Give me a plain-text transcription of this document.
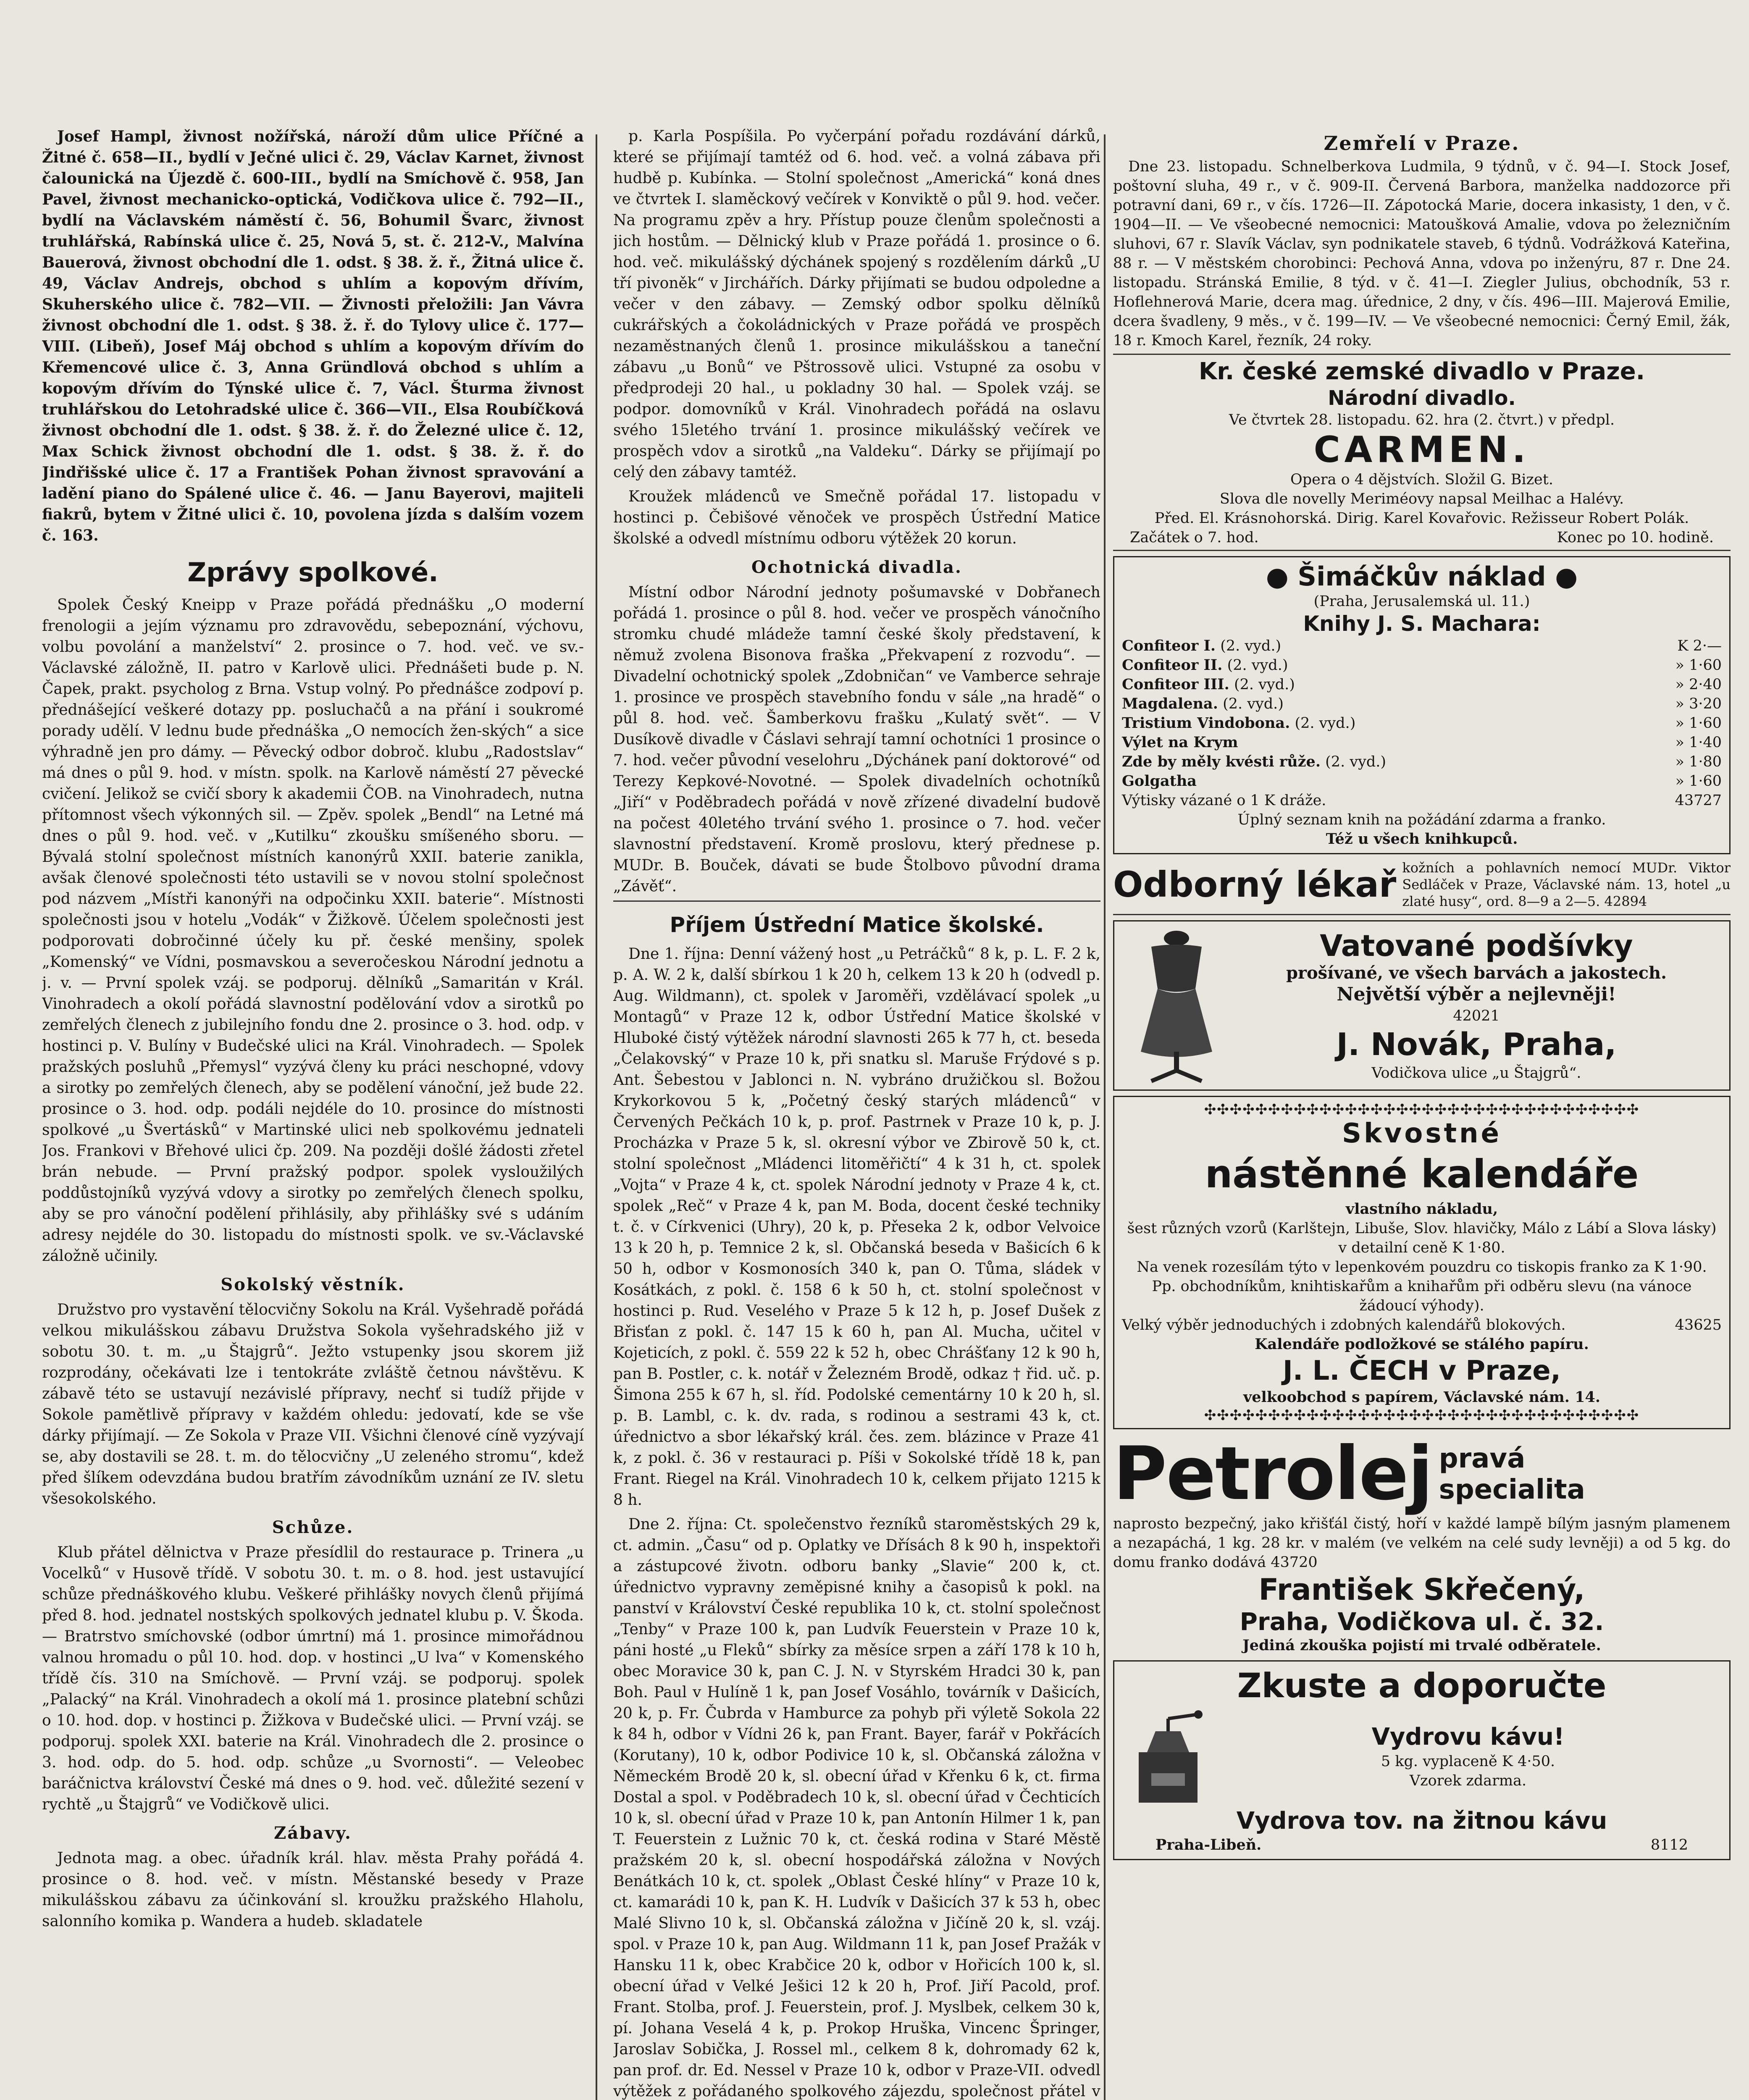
Josef Hampl, živnost nožířská, nároží dům ulice Příčné a Žitné č. 658—II., bydlí v Ječné ulici č. 29, Václav Karnet, živnost čalounická na Újezdě č. 600-III., bydlí na Smíchově č. 958, Jan Pavel, živnost mechanicko-optická, Vodičkova ulice č. 792—II., bydlí na Václavském náměstí č. 56, Bohumil Švarc, živnost truhlářská, Rabínská ulice č. 25, Nová 5, st. č. 212-V., Malvína Bauerová, živnost obchodní dle 1. odst. § 38. ž. ř., Žitná ulice č. 49, Václav Andrejs, obchod s uhlím a kopovým dřívím, Skuherského ulice č. 782—VII. — Živnosti přeložili: Jan Vávra živnost obchodní dle 1. odst. § 38. ž. ř. do Tylovy ulice č. 177—VIII. (Libeň), Josef Máj obchod s uhlím a kopovým dřívím do Křemencové ulice č. 3, Anna Gründlová obchod s uhlím a kopovým dřívím do Týnské ulice č. 7, Václ. Šturma živnost truhlářskou do Letohradské ulice č. 366—VII., Elsa Roubíčková živnost obchodní dle 1. odst. § 38. ž. ř. do Železné ulice č. 12, Max Schick živnost obchodní dle 1. odst. § 38. ž. ř. do Jindřišské ulice č. 17 a František Pohan živnost spravování a ladění piano do Spálené ulice č. 46. — Janu Bayerovi, majiteli fiakrů, bytem v Žitné ulici č. 10, povolena jízda s dalším vozem č. 163.

Zprávy spolkové.

Spolek Český Kneipp v Praze pořádá přednášku „O moderní frenologii a jejím významu pro zdravovědu, sebepoznání, výchovu, volbu povolání a manželství“ 2. prosince o 7. hod. več. ve sv.-Václavské záložně, II. patro v Karlově ulici. Přednášeti bude p. N. Čapek, prakt. psycholog z Brna. Vstup volný. Po přednášce zodpoví p. přednášející veškeré dotazy pp. posluchačů a na přání i soukromé porady udělí. V lednu bude přednáška „O nemocích žen-ských“ a sice výhradně jen pro dámy. — Pěvecký odbor dobroč. klubu „Radostslav“ má dnes o půl 9. hod. v místn. spolk. na Karlově náměstí 27 pěvecké cvičení. Jelikož se cvičí sbory k akademii ČOB. na Vinohradech, nutna přítomnost všech výkonných sil. — Zpěv. spolek „Bendl“ na Letné má dnes o půl 9. hod. več. v „Kutilku“ zkoušku smíšeného sboru. — Bývalá stolní společnost místních kanonýrů XXII. baterie zanikla, avšak členové společnosti této ustavili se v novou stolní společnost pod názvem „Místři kanonýři na odpočinku XXII. baterie“. Místnosti společnosti jsou v hotelu „Vodák“ v Žižkově. Účelem společnosti jest podporovati dobročinné účely ku př. české menšiny, spolek „Komenský“ ve Vídni, posmavskou a severočeskou Národní jednotu a j. v. — První spolek vzáj. se podporuj. dělníků „Samaritán v Král. Vinohradech a okolí pořádá slavnostní podělování vdov a sirotků po zemřelých členech z jubilejního fondu dne 2. prosince o 3. hod. odp. v hostinci p. V. Bulíny v Budečské ulici na Král. Vinohradech. — Spolek pražských posluhů „Přemysl“ vyzývá členy ku práci neschopné, vdovy a sirotky po zemřelých členech, aby se podělení vánoční, jež bude 22. prosince o 3. hod. odp. podáli nejdéle do 10. prosince do místnosti spolkové „u Švertásků“ v Martinské ulici neb spolkovému jednateli Jos. Frankovi v Břehové ulici čp. 209. Na později došlé žádosti zřetel brán nebude. — První pražský podpor. spolek vysloužilých poddůstojníků vyzývá vdovy a sirotky po zemřelých členech spolku, aby se pro vánoční podělení přihlásily, aby přihlášky své s udáním adresy nejdéle do 30. listopadu do místnosti spolk. ve sv.-Václavské záložně učinily.

Sokolský věstník.

Družstvo pro vystavění tělocvičny Sokolu na Král. Vyšehradě pořádá velkou mikulášskou zábavu Družstva Sokola vyšehradského již v sobotu 30. t. m. „u Štajgrů“. Ježto vstupenky jsou skorem již rozprodány, očekávati lze i tentokráte zvláště četnou návštěvu. K zábavě této se ustavují nezávislé přípravy, nechť si tudíž přijde v Sokole pamětlivě přípravy v každém ohledu: jedovatí, kde se vše dárky přijímají. — Ze Sokola v Praze VII. Všichni členové cíně vyzývají se, aby dostavili se 28. t. m. do tělocvičny „U zeleného stromu“, kdež před šlíkem odevzdána budou bratřím závodníkům uznání ze IV. sletu všesokolského.

Schůze.

Klub přátel dělnictva v Praze přesídlil do restaurace p. Trinera „u Vocelků“ v Husově třídě. V sobotu 30. t. m. o 8. hod. jest ustavující schůze přednáškového klubu. Veškeré přihlášky novych členů přijímá před 8. hod. jednatel nostských spolkových jednatel klubu p. V. Škoda. — Bratrstvo smíchovské (odbor úmrtní) má 1. prosince mimořádnou valnou hromadu o půl 10. hod. dop. v hostinci „U lva“ v Komenského třídě čís. 310 na Smíchově. — První vzáj. se podporuj. spolek „Palacký“ na Král. Vinohradech a okolí má 1. prosince platební schůzi o 10. hod. dop. v hostinci p. Žižkova v Budečské ulici. — První vzáj. se podporuj. spolek XXI. baterie na Král. Vinohradech dle 2. prosince o 3. hod. odp. do 5. hod. odp. schůze „u Svornosti“. — Veleobec baráčnictva království České má dnes o 9. hod. več. důležité sezení v rychtě „u Štajgrů“ ve Vodičkově ulici.

Zábavy.

Jednota mag. a obec. úřadník král. hlav. města Prahy pořádá 4. prosince o 8. hod. več. v místn. Městanské besedy v Praze mikulášskou zábavu za účinkování sl. kroužku pražského Hlaholu, salonního komika p. Wandera a hudeb. skladatele

p. Karla Pospíšila. Po vyčerpání pořadu rozdávání dárků, které se přijímají tamtéž od 6. hod. več. a volná zábava při hudbě p. Kubínka. — Stolní společnost „Americká“ koná dnes ve čtvrtek I. slaměckový večírek v Konviktě o půl 9. hod. večer. Na programu zpěv a hry. Přístup pouze členům společnosti a jich hostům. — Dělnický klub v Praze pořádá 1. prosince o 6. hod. več. mikulášský dýchánek spojený s rozdělením dárků „U tří pivoněk“ v Jirchářích. Dárky přijímati se budou odpoledne a večer v den zábavy. — Zemský odbor spolku dělníků cukrářských a čokoládnických v Praze pořádá ve prospěch nezaměstnaných členů 1. prosince mikulášskou a taneční zábavu „u Bonů“ ve Pštrossově ulici. Vstupné za osobu v předprodeji 20 hal., u pokladny 30 hal. — Spolek vzáj. se podpor. domovníků v Král. Vinohradech pořádá na oslavu svého 15letého trvání 1. prosince mikulášský večírek ve prospěch vdov a sirotků „na Valdeku“. Dárky se přijímají po celý den zábavy tamtéž.

Kroužek mládenců ve Smečně pořádal 17. listopadu v hostinci p. Čebišové věnoček ve prospěch Ústřední Matice školské a odvedl místnímu odboru výtěžek 20 korun.

Ochotnická divadla.

Místní odbor Národní jednoty pošumavské v Dobřanech pořádá 1. prosince o půl 8. hod. večer ve prospěch vánočního stromku chudé mládeže tamní české školy představení, k němuž zvolena Bisonova fraška „Překvapení z rozvodu“. — Divadelní ochotnický spolek „Zdobničan“ ve Vamberce sehraje 1. prosince ve prospěch stavebního fondu v sále „na hradě“ o půl 8. hod. več. Šamberkovu frašku „Kulatý svět“. — V Dusíkově divadle v Čáslavi sehrají tamní ochotníci 1 prosince o 7. hod. večer původní veselohru „Dýchánek paní doktorové“ od Terezy Kepkové-Novotné. — Spolek divadelních ochotníků „Jiří“ v Poděbradech pořádá v nově zřízené divadelní budově na počest 40letého trvání svého 1. prosince o 7. hod. večer slavnostní představení. Kromě proslovu, který přednese p. MUDr. B. Bouček, dávati se bude Štolbovo původní drama „Závěť“.

Příjem Ústřední Matice školské.

Dne 1. října: Denní vážený host „u Petráčků“ 8 k, p. L. F. 2 k, p. A. W. 2 k, další sbírkou 1 k 20 h, celkem 13 k 20 h (odvedl p. Aug. Wildmann), ct. spolek v Jaroměři, vzdělávací spolek „u Montagů“ v Praze 12 k, odbor Ústřední Matice školské v Hluboké čistý výtěžek národní slavnosti 265 k 77 h, ct. beseda „Čelakovský“ v Praze 10 k, při snatku sl. Maruše Frýdové s p. Ant. Šebestou v Jablonci n. N. vybráno družičkou sl. Božou Krykorkovou 5 k, „Početný český starých mládenců“ v Červených Pečkách 10 k, p. prof. Pastrnek v Praze 10 k, p. J. Procházka v Praze 5 k, sl. okresní výbor ve Zbirově 50 k, ct. stolní společnost „Mládenci litoměřičtí“ 4 k 31 h, ct. spolek „Vojta“ v Praze 4 k, ct. spolek Národní jednoty v Praze 4 k, ct. spolek „Reč“ v Praze 4 k, pan M. Boda, docent české techniky t. č. v Církvenici (Uhry), 20 k, p. Přeseka 2 k, odbor Velvoice 13 k 20 h, p. Temnice 2 k, sl. Občanská beseda v Bašicích 6 k 50 h, odbor v Kosmonosích 340 k, pan O. Tůma, sládek v Kosátkách, z pokl. č. 158 6 k 50 h, ct. stolní společnost v hostinci p. Rud. Veselého v Praze 5 k 12 h, p. Josef Dušek z Břisťan z pokl. č. 147 15 k 60 h, pan Al. Mucha, učitel v Kojeticích, z pokl. č. 559 22 k 52 h, obec Chrášťany 12 k 90 h, pan B. Postler, c. k. notář v Železném Brodě, odkaz † řid. uč. p. Šimona 255 k 67 h, sl. říd. Podolské cementárny 10 k 20 h, sl. p. B. Lambl, c. k. dv. rada, s rodinou a sestrami 43 k, ct. úřednictvo a sbor lékařský král. čes. zem. blázince v Praze 41 k, z pokl. č. 36 v restauraci p. Píši v Sokolské třídě 18 k, pan Frant. Riegel na Král. Vinohradech 10 k, celkem přijato 1215 k 8 h.

Dne 2. října: Ct. společenstvo řezníků staroměstských 29 k, ct. admin. „Času“ od p. Oplatky ve Dřísách 8 k 90 h, inspektoři a zástupcové životn. odboru banky „Slavie“ 200 k, ct. úřednictvo vypravny zeměpisné knihy a časopisů k pokl. na panství v Království České republika 10 k, ct. stolní společnost „Tenby“ v Praze 100 k, pan Ludvík Feuerstein v Praze 10 k, páni hosté „u Fleků“ sbírky za měsíce srpen a září 178 k 10 h, obec Moravice 30 k, pan C. J. N. v Styrském Hradci 30 k, pan Boh. Paul v Hulíně 1 k, pan Josef Vosáhlo, továrník v Dašicích, 20 k, p. Fr. Čubrda v Hamburce za pohyb při výletě Sokola 22 k 84 h, odbor v Vídni 26 k, pan Frant. Bayer, farář v Pokřácích (Korutany), 10 k, odbor Podivice 10 k, sl. Občanská záložna v Německém Brodě 20 k, sl. obecní úřad v Křenku 6 k, ct. firma Dostal a spol. v Poděbradech 10 k, sl. obecní úřad v Čechticích 10 k, sl. obecní úřad v Praze 10 k, pan Antonín Hilmer 1 k, pan T. Feuerstein z Lužnic 70 k, ct. česká rodina v Staré Městě pražském 20 k, sl. obecní hospodářská záložna v Nových Benátkách 10 k, ct. spolek „Oblast České hlíny“ v Praze 10 k, ct. kamarádi 10 k, pan K. H. Ludvík v Dašicích 37 k 53 h, obec Malé Slivno 10 k, sl. Občanská záložna v Jičíně 20 k, sl. vzáj. spol. v Praze 10 k, pan Aug. Wildmann 11 k, pan Josef Pražák v Hansku 11 k, obec Krabčice 20 k, odbor v Hořicích 100 k, sl. obecní úřad v Velké Ješici 12 k 20 h, Prof. Jiří Pacold, prof. Frant. Stolba, prof. J. Feuerstein, prof. J. Myslbek, celkem 30 k, pí. Johana Veselá 4 k, p. Prokop Hruška, Vincenc Špringer, Jaroslav Sobička, J. Rossel ml., celkem 8 k, dohromady 62 k, pan prof. dr. Ed. Nessel v Praze 10 k, odbor v Praze-VII. odvedl výtěžek z pořádaného spolkového zájezdu, společnost přátel v

Zemřelí v Praze.

Dne 23. listopadu. Schnelberkova Ludmila, 9 týdnů, v č. 94—I. Stock Josef, poštovní sluha, 49 r., v č. 909-II. Červená Barbora, manželka naddozorce při potravní dani, 69 r., v čís. 1726—II. Zápotocká Marie, docera inkasisty, 1 den, v č. 1904—II. — Ve všeobecné nemocnici: Matoušková Amalie, vdova po železničním sluhovi, 67 r. Slavík Václav, syn podnikatele staveb, 6 týdnů. Vodrážková Kateřina, 88 r. — V městském chorobinci: Pechová Anna, vdova po inženýru, 87 r. Dne 24. listopadu. Stránská Emilie, 8 týd. v č. 41—I. Ziegler Julius, obchodník, 53 r. Hoflehnerová Marie, dcera mag. úřednice, 2 dny, v čís. 496—III. Majerová Emilie, dcera švadleny, 9 měs., v č. 199—IV. — Ve všeobecné nemocnici: Černý Emil, žák, 18 r. Kmoch Karel, řezník, 24 roky.

Kr. české zemské divadlo v Praze.
Národní divadlo.
Ve čtvrtek 28. listopadu. 62. hra (2. čtvrt.) v předpl.
CARMEN.
Opera o 4 dějstvích. Složil G. Bizet.
Slova dle novelly Meriméovy napsal Meilhac a Halévy.
Před. El. Krásnohorská. Dirig. Karel Kovařovic. Režisseur Robert Polák.
Začátek o 7. hod.	Konec po 10. hodině.
● Šimáčkův náklad ●
(Praha, Jerusalemská ul. 11.)
Knihy J. S. Machara:
Confiteor I. (2. vyd.)	K 2·—
Confiteor II. (2. vyd.)	» 1·60
Confiteor III. (2. vyd.)	» 2·40
Magdalena. (2. vyd.)	» 3·20
Tristium Vindobona. (2. vyd.)	» 1·60
Výlet na Krym	» 1·40
Zde by měly kvésti růže. (2. vyd.)	» 1·80
Golgatha	» 1·60
Výtisky vázané o 1 K dráže.	43727
Úplný seznam knih na požádání zdarma a franko.
Též u všech knihkupců.
Odborný lékař kožních a pohlavních nemocí MUDr. Viktor Sedláček v Praze, Václavské nám. 13, hotel „u zlaté husy“, ord. 8—9 a 2—5. 42894
Vatované podšívky
prošívané, ve všech barvách a jakostech.
Největší výběr a nejlevněji!
42021
J. Novák, Praha,
Vodičkova ulice „u Štajgrů“.
✣✣✣✣✣✣✣✣✣✣✣✣✣✣✣✣✣✣✣✣✣✣✣✣✣✣✣✣✣✣✣✣✣✣
Skvostné
nástěnné kalendáře
vlastního nákladu,
šest různých vzorů (Karlštejn, Libuše, Slov. hlavičky, Málo z Lábí a Slova lásky) v detailní ceně K 1·80.
Na venek rozesílám týto v lepenkovém pouzdru co tiskopis franko za K 1·90.
Pp. obchodníkům, knihtiskařům a knihařům při odběru slevu (na vánoce žádoucí výhody).
Velký výběr jednoduchých i zdobných kalendářů blokových.	43625
Kalendáře podložkové se stálého papíru.
J. L. ČECH v Praze,
velkoobchod s papírem, Václavské nám. 14.
✣✣✣✣✣✣✣✣✣✣✣✣✣✣✣✣✣✣✣✣✣✣✣✣✣✣✣✣✣✣✣✣✣✣
Petrolej pravá
specialita
naprosto bezpečný, jako křišťál čistý, hoří v každé lampě bílým jasným plamenem a nezapáchá, 1 kg. 28 kr. v malém (ve velkém na celé sudy levněji) a od 5 kg. do domu franko dodává 43720
František Skřečený,
Praha, Vodičkova ul. č. 32.
Jediná zkouška pojistí mi trvalé odběratele.
Zkuste a doporučte
Vydrovu kávu!
5 kg. vyplaceně K 4·50.
Vzorek zdarma.
Vydrova tov. na žitnou kávu
Praha-Libeň.	8112
